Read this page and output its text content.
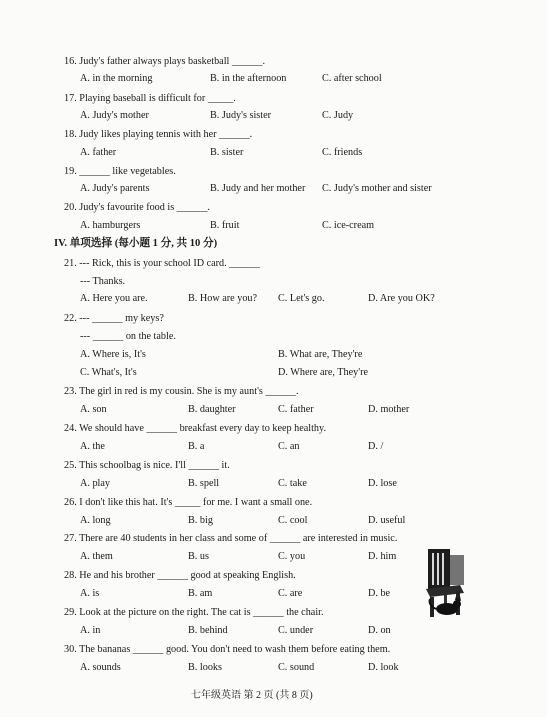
16. Judy's father always plays basketball ______.
A. in the morning	B. in the afternoon	C. after school
17. Playing baseball is difficult for _____.
A. Judy's mother	B. Judy's sister	C. Judy
18. Judy likes playing tennis with her ______.
A. father	B. sister	C. friends
19. ______ like vegetables.
A. Judy's parents	B. Judy and her mother C. Judy's mother and sister
20. Judy's favourite food is ______.
A. hamburgers	B. fruit	C. ice-cream
IV. 单项选择 (每小题 1 分, 共 10 分)
21. --- Rick, this is your school ID card. ______
--- Thanks.
A. Here you are.	B. How are you? C. Let's go.	D. Are you OK?
22. --- ______ my keys?
--- ______ on the table.
A. Where is, It's	B. What are, They're
C. What's, It's	D. Where are, They're
23. The girl in red is my cousin. She is my aunt's ______.
A. son	B. daughter	C. father	D. mother
24. We should have ______ breakfast every day to keep healthy.
A. the	B. a	C. an	D. /
25. This schoolbag is nice. I'll ______ it.
A. play	B. spell	C. take	D. lose
26. I don't like this hat. It's _____ for me. I want a small one.
A. long	B. big	C. cool	D. useful
27. There are 40 students in her class and some of ______ are interested in music.
A. them	B. us	C. you	D. him
28. He and his brother ______ good at speaking English.
A. is	B. am	C. are	D. be
29. Look at the picture on the right. The cat is ______ the chair.
A. in	B. behind	C. under	D. on
30. The bananas ______ good. You don't need to wash them before eating them.
A. sounds	B. looks	C. sound	D. look
七年级英语 第 2 页 (共 8 页)
